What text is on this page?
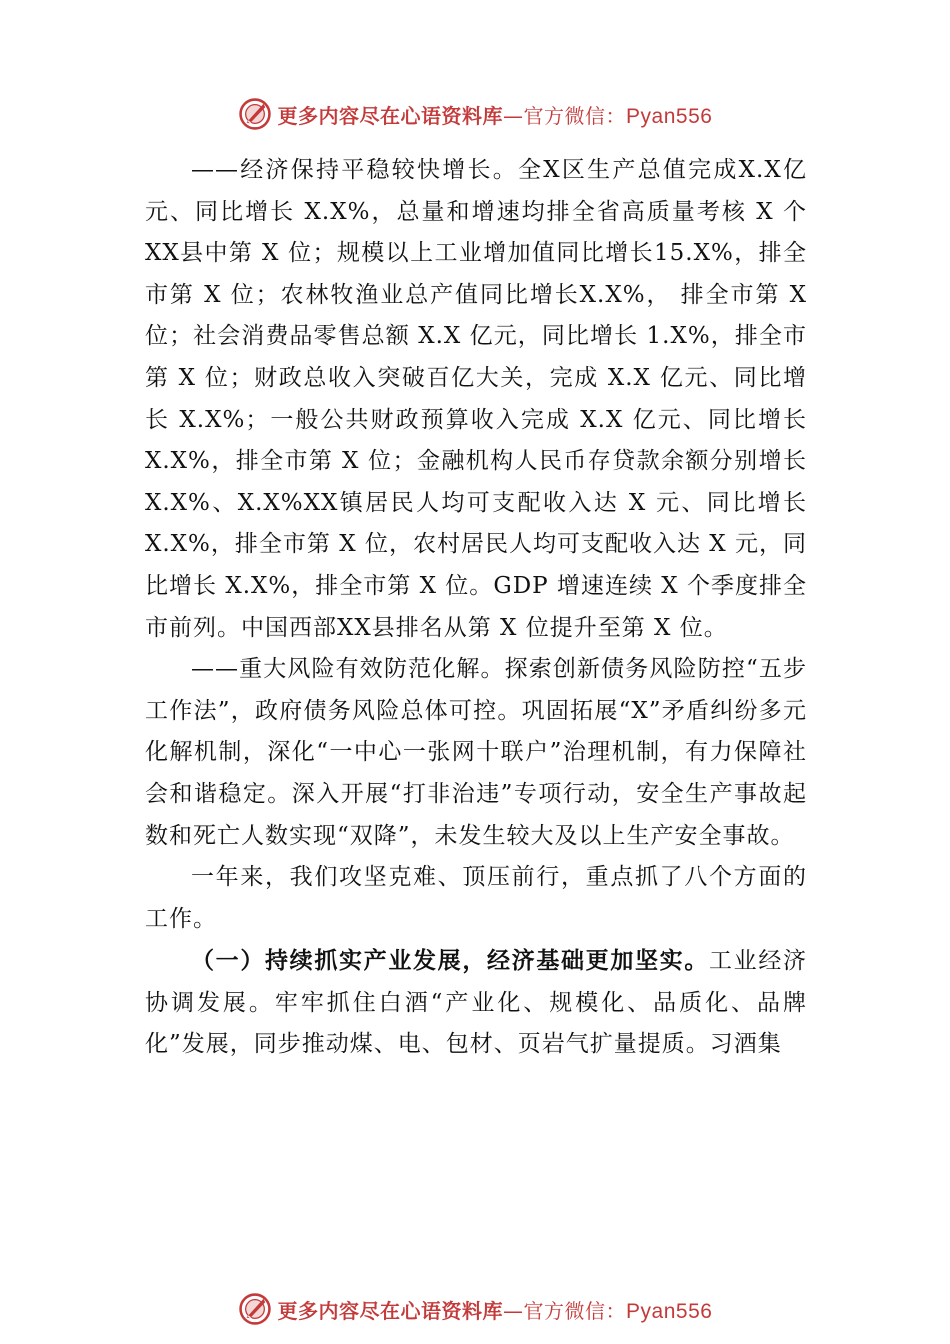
更多内容尽在心语资料库—官方微信：Pyan556

——经济保持平稳较快增长。全X区生产总值完成X.X亿元、同比增长 X.X%，总量和增速均排全省高质量考核 X 个XX县中第 X 位；规模以上工业增加值同比增长15.X%，排全市第 X 位；农林牧渔业总产值同比增长X.X%， 排全市第 X位；社会消费品零售总额 X.X 亿元，同比增长 1.X%，排全市第 X 位；财政总收入突破百亿大关，完成 X.X 亿元、同比增长 X.X%；一般公共财政预算收入完成 X.X 亿元、同比增长 X.X%，排全市第 X 位；金融机构人民币存贷款余额分别增长 X.X%、X.X%XX镇居民人均可支配收入达 X 元、同比增长 X.X%，排全市第 X 位，农村居民人均可支配收入达 X 元，同比增长 X.X%，排全市第 X 位。GDP 增速连续 X 个季度排全市前列。中国西部XX县排名从第 X 位提升至第 X 位。

——重大风险有效防范化解。探索创新债务风险防控“五步工作法”，政府债务风险总体可控。巩固拓展“X”矛盾纠纷多元化解机制，深化“一中心一张网十联户”治理机制，有力保障社会和谐稳定。深入开展“打非治违”专项行动，安全生产事故起数和死亡人数实现“双降”，未发生较大及以上生产安全事故。

一年来，我们攻坚克难、顶压前行，重点抓了八个方面的工作。

（一）持续抓实产业发展，经济基础更加坚实。工业经济协调发展。牢牢抓住白酒“产业化、规模化、品质化、品牌化”发展，同步推动煤、电、包材、页岩气扩量提质。习酒集

更多内容尽在心语资料库—官方微信：Pyan556
